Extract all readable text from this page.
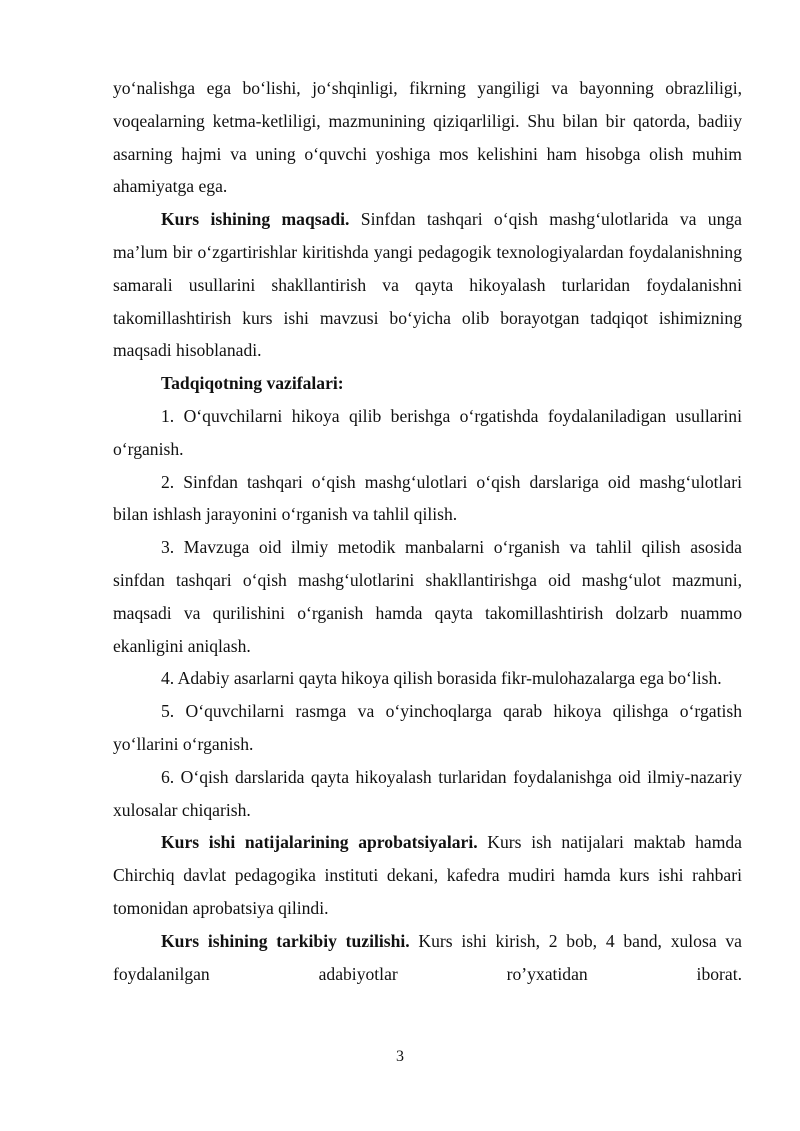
yo‘nalishga ega bo‘lishi, jo‘shqinligi, fikrning yangiligi va bayonning obrazliligi, voqealarning ketma-ketliligi, mazmunining qiziqarliligi. Shu bilan bir qatorda, badiiy asarning hajmi va uning o‘quvchi yoshiga mos kelishini ham hisobga olish muhim ahamiyatga ega.

Kurs ishining maqsadi. Sinfdan tashqari o‘qish mashg‘ulotlarida va unga ma’lum bir o‘zgartirishlar kiritishda yangi pedagogik texnologiyalardan foydalanishning samarali usullarini shakllantirish va qayta hikoyalash turlaridan foydalanishni takomillashtirish kurs ishi mavzusi bo‘yicha olib borayotgan tadqiqot ishimizning maqsadi hisoblanadi.

Tadqiqotning vazifalari:

1. O‘quvchilarni hikoya qilib berishga o‘rgatishda foydalaniladigan usullarini o‘rganish.

2. Sinfdan tashqari o‘qish mashg‘ulotlari o‘qish darslariga oid mashg‘ulotlari bilan ishlash jarayonini o‘rganish va tahlil qilish.

3. Mavzuga oid ilmiy metodik manbalarni o‘rganish va tahlil qilish asosida sinfdan tashqari o‘qish mashg‘ulotlarini shakllantirishga oid mashg‘ulot mazmuni, maqsadi va qurilishini o‘rganish hamda qayta takomillashtirish dolzarb nuammo ekanligini aniqlash.

4. Adabiy asarlarni qayta hikoya qilish borasida fikr-mulohazalarga ega bo‘lish.

5. O‘quvchilarni rasmga va o‘yinchoqlarga qarab hikoya qilishga o‘rgatish yo‘llarini o‘rganish.

6. O‘qish darslarida qayta hikoyalash turlaridan foydalanishga oid ilmiy-nazariy xulosalar chiqarish.

Kurs ishi natijalarining aprobatsiyalari. Kurs ish natijalari maktab hamda Chirchiq davlat pedagogika instituti dekani, kafedra mudiri hamda kurs ishi rahbari tomonidan aprobatsiya qilindi.

Kurs ishining tarkibiy tuzilishi. Kurs ishi kirish, 2 bob, 4 band, xulosa va foydalanilgan adabiyotlar ro’yxatidan iborat.

3
